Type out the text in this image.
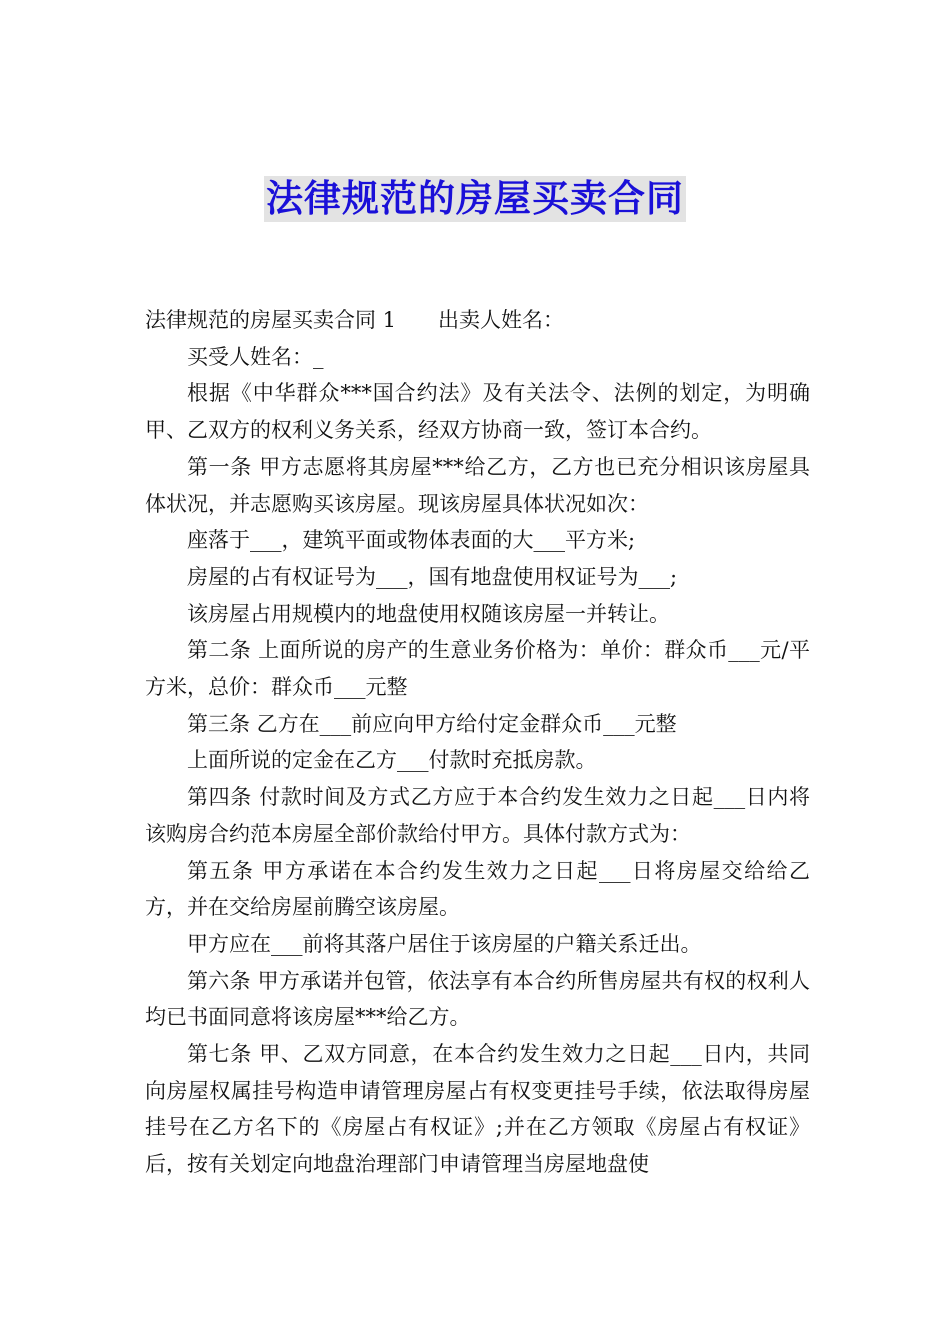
法律规范的房屋买卖合同

法律规范的房屋买卖合同 1　　出卖人姓名：

买受人姓名：_

根据《中华群众***国合约法》及有关法令、法例的划定，为明确甲、乙双方的权利义务关系，经双方协商一致，签订本合约。

第一条 甲方志愿将其房屋***给乙方，乙方也已充分相识该房屋具体状况，并志愿购买该房屋。现该房屋具体状况如次：

座落于___，建筑平面或物体表面的大___平方米;

房屋的占有权证号为___，国有地盘使用权证号为___;

该房屋占用规模内的地盘使用权随该房屋一并转让。

第二条 上面所说的房产的生意业务价格为：单价：群众币___元/平方米，总价：群众币___元整

第三条 乙方在___前应向甲方给付定金群众币___元整

上面所说的定金在乙方___付款时充抵房款。

第四条 付款时间及方式乙方应于本合约发生效力之日起___日内将该购房合约范本房屋全部价款给付甲方。具体付款方式为：

第五条 甲方承诺在本合约发生效力之日起___日将房屋交给给乙方，并在交给房屋前腾空该房屋。

甲方应在___前将其落户居住于该房屋的户籍关系迁出。

第六条 甲方承诺并包管，依法享有本合约所售房屋共有权的权利人均已书面同意将该房屋***给乙方。

第七条 甲、乙双方同意，在本合约发生效力之日起___日内，共同向房屋权属挂号构造申请管理房屋占有权变更挂号手续，依法取得房屋挂号在乙方名下的《房屋占有权证》;并在乙方领取《房屋占有权证》后，按有关划定向地盘治理部门申请管理当房屋地盘使
